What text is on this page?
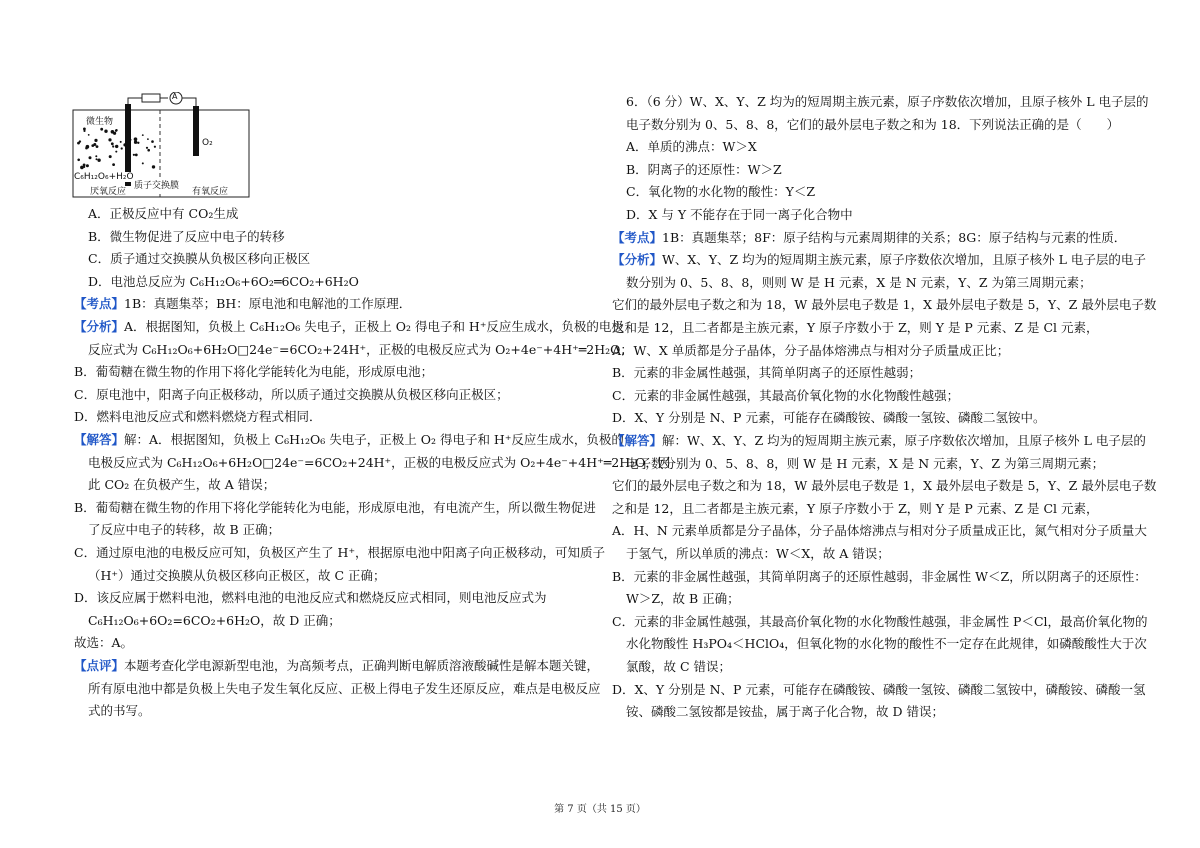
微生物
A
O₂
C₆H₁₂O₆+H₂O
厌氧反应
质子交换膜
有氧反应
A．正极反应中有 CO₂生成
B．微生物促进了反应中电子的转移
C．质子通过交换膜从负极区移向正极区
D．电池总反应为 C₆H₁₂O₆+6O₂═6CO₂+6H₂O
【考点】1B：真题集萃；BH：原电池和电解池的工作原理．
【分析】A．根据图知，负极上 C₆H₁₂O₆ 失电子，正极上 O₂ 得电子和 H⁺反应生成水，负极的电极
反应式为 C₆H₁₂O₆+6H₂O□24e⁻=6CO₂+24H⁺，正极的电极反应式为 O₂+4e⁻+4H⁺═2H₂O；
B．葡萄糖在微生物的作用下将化学能转化为电能，形成原电池；
C．原电池中，阳离子向正极移动，所以质子通过交换膜从负极区移向正极区；
D．燃料电池反应式和燃料燃烧方程式相同．
【解答】解：A．根据图知，负极上 C₆H₁₂O₆ 失电子，正极上 O₂ 得电子和 H⁺反应生成水，负极的
电极反应式为 C₆H₁₂O₆+6H₂O□24e⁻=6CO₂+24H⁺，正极的电极反应式为 O₂+4e⁻+4H⁺═2H₂O，因
此 CO₂ 在负极产生，故 A 错误；
B．葡萄糖在微生物的作用下将化学能转化为电能，形成原电池，有电流产生，所以微生物促进
了反应中电子的转移，故 B 正确；
C．通过原电池的电极反应可知，负极区产生了 H⁺，根据原电池中阳离子向正极移动，可知质子
（H⁺）通过交换膜从负极区移向正极区，故 C 正确；
D．该反应属于燃料电池，燃料电池的电池反应式和燃烧反应式相同，则电池反应式为
C₆H₁₂O₆+6O₂=6CO₂+6H₂O，故 D 正确；
故选：A。
【点评】本题考查化学电源新型电池，为高频考点，正确判断电解质溶液酸碱性是解本题关键，
所有原电池中都是负极上失电子发生氧化反应、正极上得电子发生还原反应，难点是电极反应
式的书写。
6．（6 分）W、X、Y、Z 均为的短周期主族元素，原子序数依次增加，且原子核外 L 电子层的
电子数分别为 0、5、8、8，它们的最外层电子数之和为 18．下列说法正确的是（　　）
A．单质的沸点：W＞X
B．阴离子的还原性：W＞Z
C．氧化物的水化物的酸性：Y＜Z
D．X 与 Y 不能存在于同一离子化合物中
【考点】1B：真题集萃；8F：原子结构与元素周期律的关系；8G：原子结构与元素的性质．
【分析】W、X、Y、Z 均为的短周期主族元素，原子序数依次增加，且原子核外 L 电子层的电子
数分别为 0、5、8、8，则则 W 是 H 元素，X 是 N 元素，Y、Z 为第三周期元素；
它们的最外层电子数之和为 18，W 最外层电子数是 1，X 最外层电子数是 5，Y、Z 最外层电子数
之和是 12，且二者都是主族元素，Y 原子序数小于 Z，则 Y 是 P 元素、Z 是 Cl 元素，
A．W、X 单质都是分子晶体，分子晶体熔沸点与相对分子质量成正比；
B．元素的非金属性越强，其简单阴离子的还原性越弱；
C．元素的非金属性越强，其最高价氧化物的水化物酸性越强；
D．X、Y 分别是 N、P 元素，可能存在磷酸铵、磷酸一氢铵、磷酸二氢铵中。
【解答】解：W、X、Y、Z 均为的短周期主族元素，原子序数依次增加，且原子核外 L 电子层的
电子数分别为 0、5、8、8，则 W 是 H 元素，X 是 N 元素，Y、Z 为第三周期元素；
它们的最外层电子数之和为 18，W 最外层电子数是 1，X 最外层电子数是 5，Y、Z 最外层电子数
之和是 12，且二者都是主族元素，Y 原子序数小于 Z，则 Y 是 P 元素、Z 是 Cl 元素，
A．H、N 元素单质都是分子晶体，分子晶体熔沸点与相对分子质量成正比，氮气相对分子质量大
于氢气，所以单质的沸点：W＜X，故 A 错误；
B．元素的非金属性越强，其简单阴离子的还原性越弱，非金属性 W＜Z，所以阴离子的还原性：
W＞Z，故 B 正确；
C．元素的非金属性越强，其最高价氧化物的水化物酸性越强，非金属性 P＜Cl，最高价氧化物的
水化物酸性 H₃PO₄＜HClO₄，但氧化物的水化物的酸性不一定存在此规律，如磷酸酸性大于次
氯酸，故 C 错误；
D．X、Y 分别是 N、P 元素，可能存在磷酸铵、磷酸一氢铵、磷酸二氢铵中，磷酸铵、磷酸一氢
铵、磷酸二氢铵都是铵盐，属于离子化合物，故 D 错误；
第 7 页（共 15 页）
